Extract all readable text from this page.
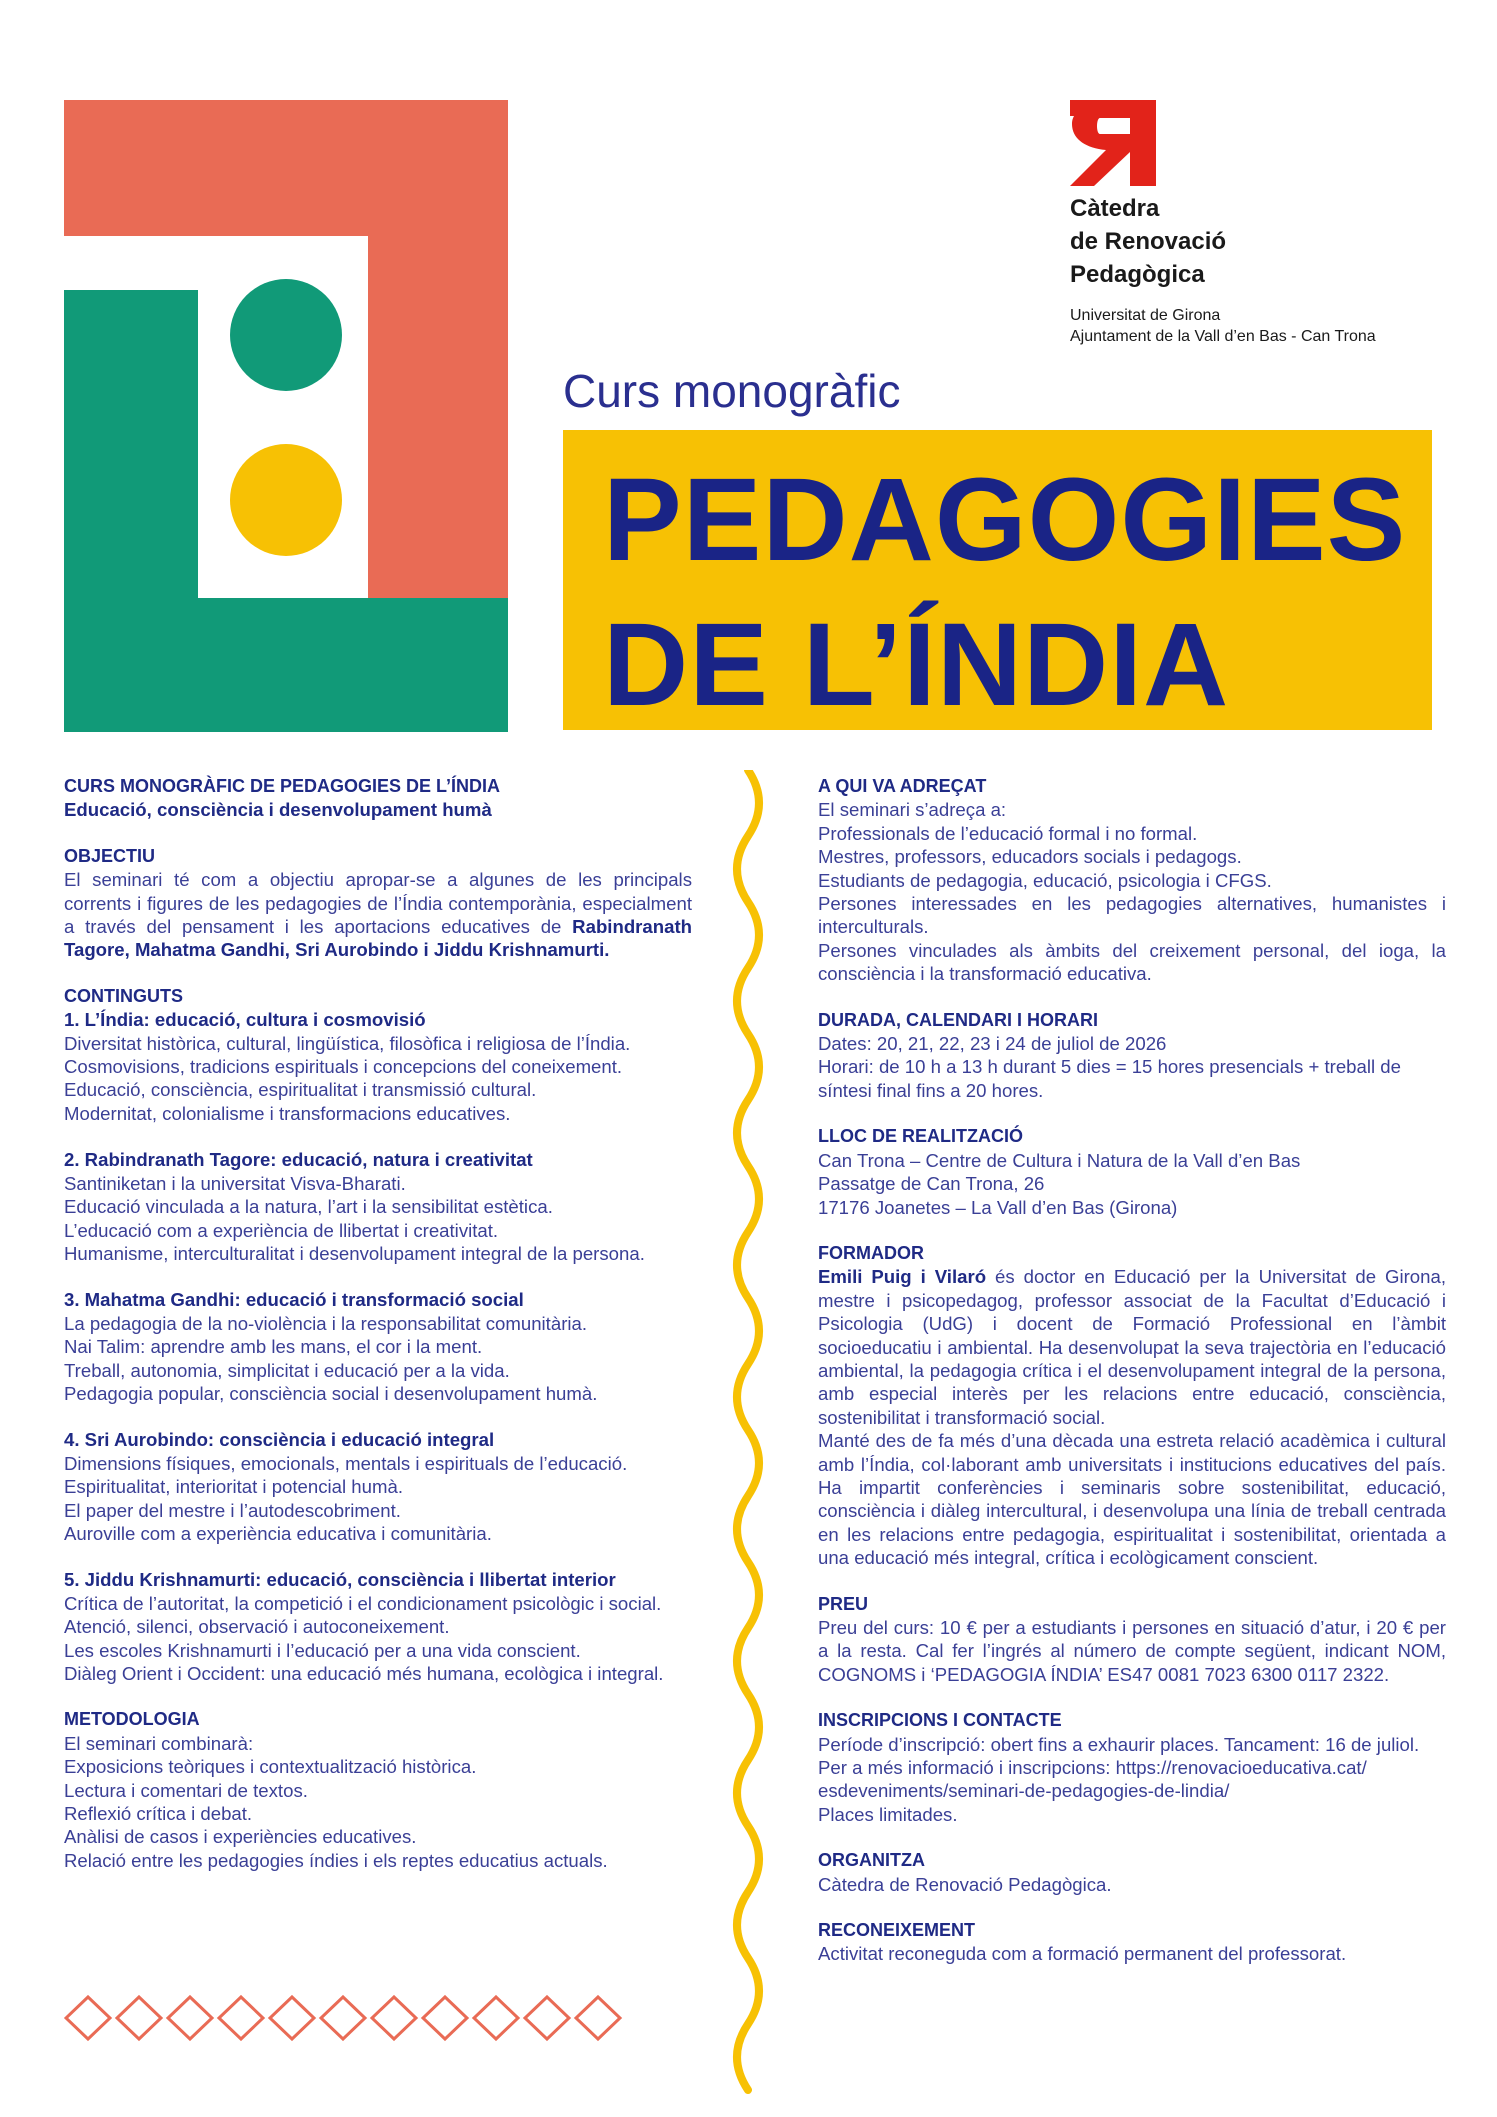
Càtedra
de Renovació
Pedagògica
Universitat de Girona
Ajuntament de la Vall d’en Bas - Can Trona
Curs monogràfic
PEDAGOGIES
DE L’ÍNDIA

CURS MONOGRÀFIC DE PEDAGOGIES DE L’ÍNDIA

Educació, consciència i desenvolupament humà

OBJECTIU

El seminari té com a objectiu apropar-se a algunes de les principals corrents i figures de les pedagogies de l’Índia contemporània, especialment a través del pensament i les aportacions educatives de Rabindranath Tagore, Mahatma Gandhi, Sri Aurobindo i Jiddu Krishnamurti.

CONTINGUTS

1. L’Índia: educació, cultura i cosmovisió

Diversitat històrica, cultural, lingüística, filosòfica i religiosa de l’Índia.

Cosmovisions, tradicions espirituals i concepcions del coneixement.

Educació, consciència, espiritualitat i transmissió cultural.

Modernitat, colonialisme i transformacions educatives.

2. Rabindranath Tagore: educació, natura i creativitat

Santiniketan i la universitat Visva-Bharati.

Educació vinculada a la natura, l’art i la sensibilitat estètica.

L’educació com a experiència de llibertat i creativitat.

Humanisme, interculturalitat i desenvolupament integral de la persona.

3. Mahatma Gandhi: educació i transformació social

La pedagogia de la no-violència i la responsabilitat comunitària.

Nai Talim: aprendre amb les mans, el cor i la ment.

Treball, autonomia, simplicitat i educació per a la vida.

Pedagogia popular, consciència social i desenvolupament humà.

4. Sri Aurobindo: consciència i educació integral

Dimensions físiques, emocionals, mentals i espirituals de l’educació.

Espiritualitat, interioritat i potencial humà.

El paper del mestre i l’autodescobriment.

Auroville com a experiència educativa i comunitària.

5. Jiddu Krishnamurti: educació, consciència i llibertat interior

Crítica de l’autoritat, la competició i el condicionament psicològic i social.

Atenció, silenci, observació i autoconeixement.

Les escoles Krishnamurti i l’educació per a una vida conscient.

Diàleg Orient i Occident: una educació més humana, ecològica i integral.

METODOLOGIA

El seminari combinarà:

Exposicions teòriques i contextualització històrica.

Lectura i comentari de textos.

Reflexió crítica i debat.

Anàlisi de casos i experiències educatives.

Relació entre les pedagogies índies i els reptes educatius actuals.

A QUI VA ADREÇAT

El seminari s’adreça a:

Professionals de l’educació formal i no formal.

Mestres, professors, educadors socials i pedagogs.

Estudiants de pedagogia, educació, psicologia i CFGS.

Persones interessades en les pedagogies alternatives, humanistes i interculturals.

Persones vinculades als àmbits del creixement personal, del ioga, la consciència i la transformació educativa.

DURADA, CALENDARI I HORARI

Dates: 20, 21, 22, 23 i 24 de juliol de 2026

Horari: de 10 h a 13 h durant 5 dies = 15 hores presencials + treball de síntesi final fins a 20 hores.

LLOC DE REALITZACIÓ

Can Trona – Centre de Cultura i Natura de la Vall d’en Bas

Passatge de Can Trona, 26

17176 Joanetes – La Vall d’en Bas (Girona)

FORMADOR

Emili Puig i Vilaró és doctor en Educació per la Universitat de Girona, mestre i psicopedagog, professor associat de la Facultat d’Educació i Psicologia (UdG) i docent de Formació Professional en l’àmbit socioeducatiu i ambiental. Ha desenvolupat la seva trajectòria en l’educació ambiental, la pedagogia crítica i el desenvolupament integral de la persona, amb especial interès per les relacions entre educació, consciència, sostenibilitat i transformació social.

Manté des de fa més d’una dècada una estreta relació acadèmica i cultural amb l’Índia, col·laborant amb universitats i institucions educatives del país. Ha impartit conferències i seminaris sobre sostenibilitat, educació, consciència i diàleg intercultural, i desenvolupa una línia de treball centrada en les relacions entre pedagogia, espiritualitat i sostenibilitat, orientada a una educació més integral, crítica i ecològicament conscient.

PREU

Preu del curs: 10 € per a estudiants i persones en situació d’atur, i 20 € per a la resta. Cal fer l’ingrés al número de compte següent, indicant NOM, COGNOMS i ‘PEDAGOGIA ÍNDIA’ ES47 0081 7023 6300 0117 2322.

INSCRIPCIONS I CONTACTE

Període d’inscripció: obert fins a exhaurir places. Tancament: 16 de juliol.

Per a més informació i inscripcions: https://renovacioeducativa.cat/

esdeveniments/seminari-de-pedagogies-de-lindia/

Places limitades.

ORGANITZA

Càtedra de Renovació Pedagògica.

RECONEIXEMENT

Activitat reconeguda com a formació permanent del professorat.
